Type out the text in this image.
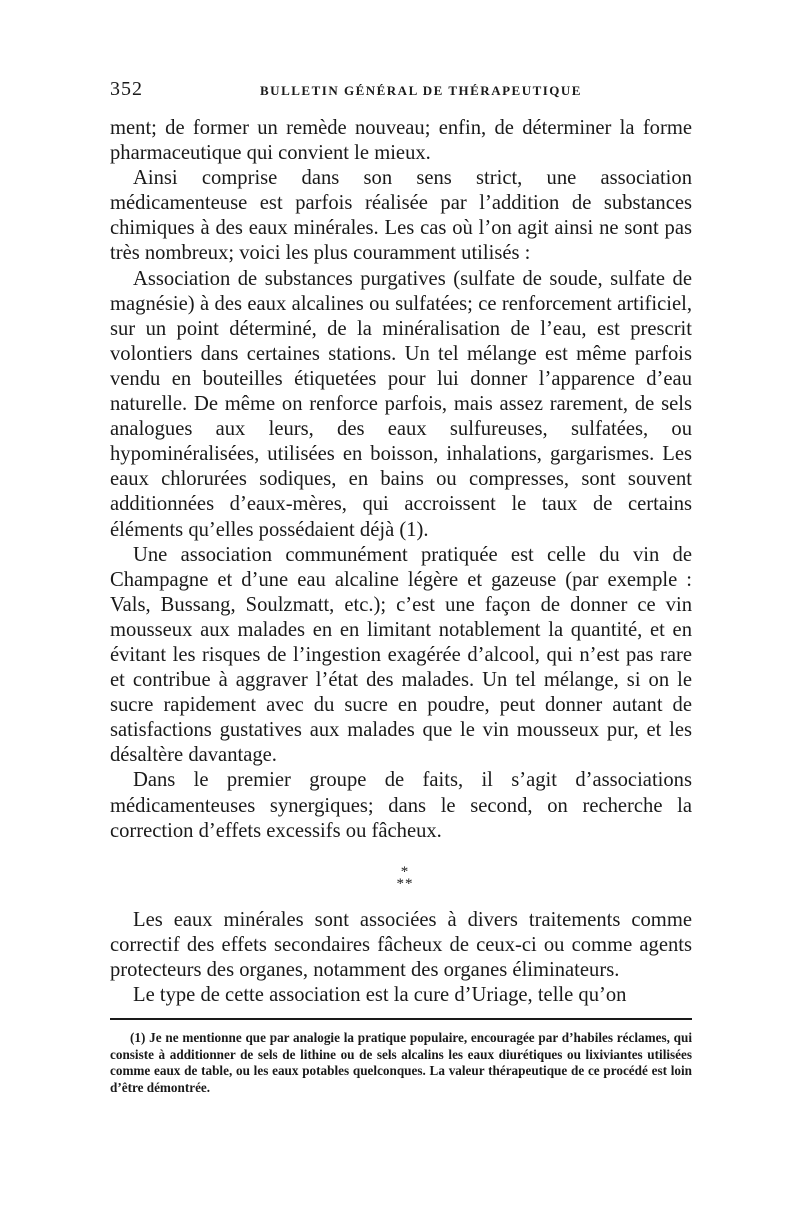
352	BULLETIN GÉNÉRAL DE THÉRAPEUTIQUE

ment; de former un remède nouveau; enfin, de déterminer la forme pharmaceutique qui convient le mieux.

Ainsi comprise dans son sens strict, une association médicamenteuse est parfois réalisée par l’addition de substances chimiques à des eaux minérales. Les cas où l’on agit ainsi ne sont pas très nombreux; voici les plus couramment utilisés :

Association de substances purgatives (sulfate de soude, sulfate de magnésie) à des eaux alcalines ou sulfatées; ce renforcement artificiel, sur un point déterminé, de la minéralisation de l’eau, est prescrit volontiers dans certaines stations. Un tel mélange est même parfois vendu en bouteilles étiquetées pour lui donner l’apparence d’eau naturelle. De même on renforce parfois, mais assez rarement, de sels analogues aux leurs, des eaux sulfureuses, sulfatées, ou hypominéralisées, utilisées en boisson, inhalations, gargarismes. Les eaux chlorurées sodiques, en bains ou compresses, sont souvent additionnées d’eaux-mères, qui accroissent le taux de certains éléments qu’elles possédaient déjà (1).

Une association communément pratiquée est celle du vin de Champagne et d’une eau alcaline légère et gazeuse (par exemple : Vals, Bussang, Soulzmatt, etc.); c’est une façon de donner ce vin mousseux aux malades en en limitant notablement la quantité, et en évitant les risques de l’ingestion exagérée d’alcool, qui n’est pas rare et contribue à aggraver l’état des malades. Un tel mélange, si on le sucre rapidement avec du sucre en poudre, peut donner autant de satisfactions gustatives aux malades que le vin mousseux pur, et les désaltère davantage.

Dans le premier groupe de faits, il s’agit d’associations médicamenteuses synergiques; dans le second, on recherche la correction d’effets excessifs ou fâcheux.

*
**

Les eaux minérales sont associées à divers traitements comme correctif des effets secondaires fâcheux de ceux-ci ou comme agents protecteurs des organes, notamment des organes éliminateurs.

Le type de cette association est la cure d’Uriage, telle qu’on

(1) Je ne mentionne que par analogie la pratique populaire, encouragée par d’habiles réclames, qui consiste à additionner de sels de lithine ou de sels alcalins les eaux diurétiques ou lixiviantes utilisées comme eaux de table, ou les eaux potables quelconques. La valeur thérapeutique de ce procédé est loin d’être démontrée.
